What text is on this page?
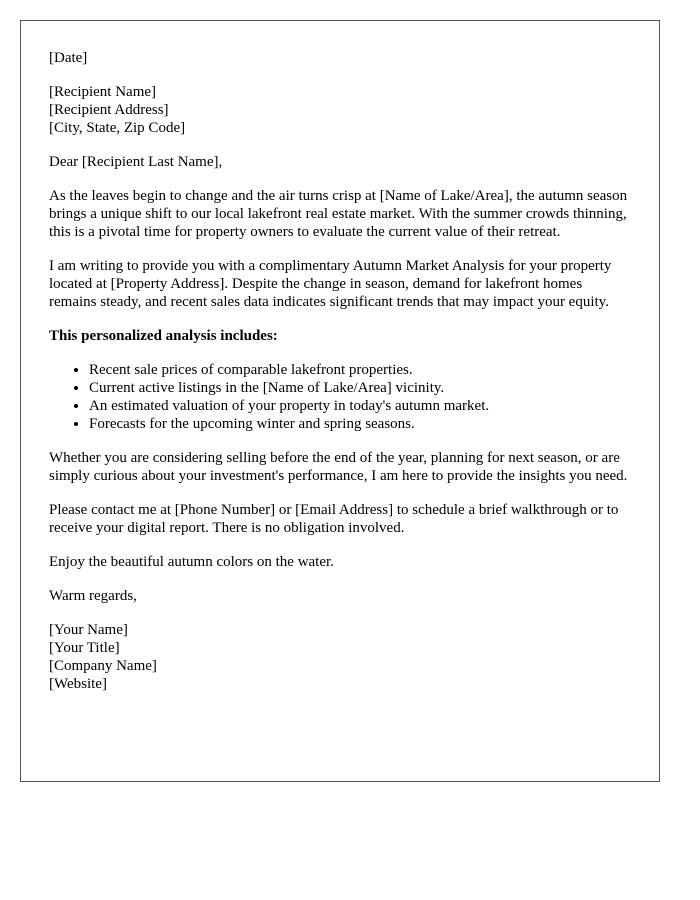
[Date]

[Recipient Name]

[Recipient Address]

[City, State, Zip Code]

Dear [Recipient Last Name],

As the leaves begin to change and the air turns crisp at [Name of Lake/Area], the autumn season brings a unique shift to our local lakefront real estate market. With the summer crowds thinning, this is a pivotal time for property owners to evaluate the current value of their retreat.

I am writing to provide you with a complimentary Autumn Market Analysis for your property located at [Property Address]. Despite the change in season, demand for lakefront homes remains steady, and recent sales data indicates significant trends that may impact your equity.

This personalized analysis includes:

• Recent sale prices of comparable lakefront properties.
• Current active listings in the [Name of Lake/Area] vicinity.
• An estimated valuation of your property in today's autumn market.
• Forecasts for the upcoming winter and spring seasons.

Whether you are considering selling before the end of the year, planning for next season, or are simply curious about your investment's performance, I am here to provide the insights you need.

Please contact me at [Phone Number] or [Email Address] to schedule a brief walkthrough or to receive your digital report. There is no obligation involved.

Enjoy the beautiful autumn colors on the water.

Warm regards,

[Your Name]

[Your Title]

[Company Name]

[Website]
